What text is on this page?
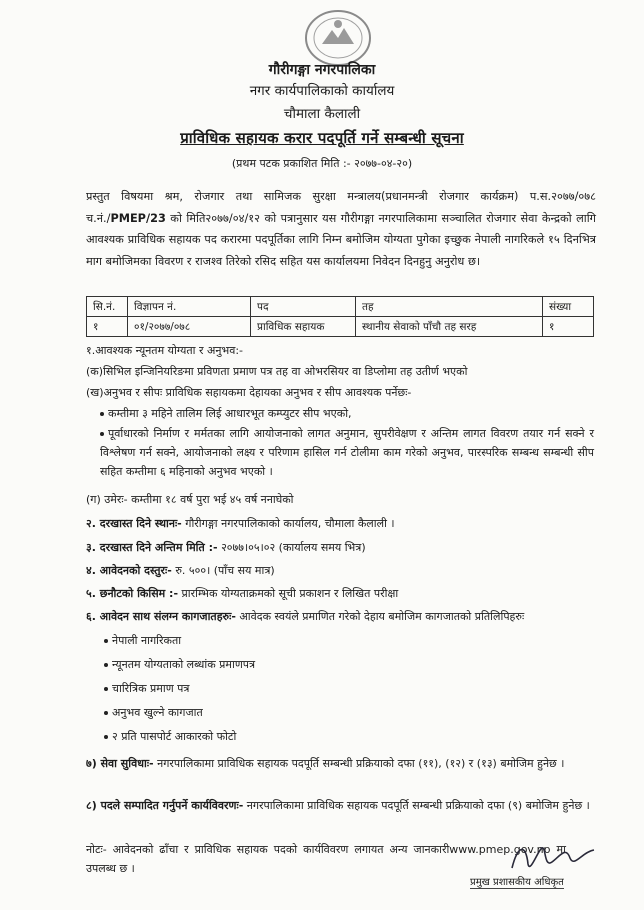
गौरीगङ्गा नगरपालिका
नगर कार्यपालिकाको कार्यालय
चौमाला कैलाली
प्राविधिक सहायक करार पदपूर्ति गर्ने सम्बन्धी सूचना
(प्रथम पटक प्रकाशित मिति :- २०७७-०४-२०)
प्रस्तुत विषयमा श्रम, रोजगार तथा सामिजक सुरक्षा मन्त्रालय(प्रधानमन्त्री रोजगार कार्यक्रम) प.स.२०७७/०७८ च.नं./PMEP/23 को मिति२०७७/०४/१२ को पत्रानुसार यस गौरीगङ्गा नगरपालिकामा सञ्चालित रोजगार सेवा केन्द्रको लागि आवश्यक प्राविधिक सहायक पद करारमा पदपूर्तिका लागि निम्न बमोजिम योग्यता पुगेका इच्छुक नेपाली नागरिकले १५ दिनभित्र माग बमोजिमका विवरण र राजश्व तिरेको रसिद सहित यस कार्यालयमा निवेदन दिनहुनु अनुरोध छ।
सि.नं.	विज्ञापन नं.	पद	तह	संख्या
१	०१/२०७७/०७८	प्राविधिक सहायक	स्थानीय सेवाको पाँचौ तह सरह	१
१.आवश्यक न्यूनतम योग्यता र अनुभव:-
(क)सिभिल इन्जिनियरिङमा प्रविणता प्रमाण पत्र तह वा ओभरसियर वा डिप्लोमा तह उतीर्ण भएको
(ख)अनुभव र सीपः प्राविधिक सहायकमा देहायका अनुभव र सीप आवश्यक पर्नेछः-
कम्तीमा ३ महिने तालिम लिई आधारभूत कम्प्युटर सीप भएको,
पूर्वाधारको निर्माण र मर्मतका लागि आयोजनाको लागत अनुमान, सुपरीवेक्षण र अन्तिम लागत विवरण तयार गर्न सक्ने र विश्लेषण गर्न सक्ने, आयोजनाको लक्ष्य र परिणाम हासिल गर्न टोलीमा काम गरेको अनुभव, पारस्परिक सम्बन्ध सम्बन्धी सीप सहित कम्तीमा ६ महिनाको अनुभव भएको ।
(ग) उमेरः- कम्तीमा १८ वर्ष पुरा भई ४५ वर्ष ननाघेको
२. दरखास्त दिने स्थानः- गौरीगङ्गा नगरपालिकाको कार्यालय, चौमाला कैलाली ।
३. दरखास्त दिने अन्तिम मिति :- २०७७।०५।०२ (कार्यालय समय भित्र)
४. आवेदनको दस्तुरः- रु. ५००। (पाँच सय मात्र)
५. छनौटको किसिम :- प्रारम्भिक योग्यताक्रमको सूची प्रकाशन र लिखित परीक्षा
६. आवेदन साथ संलग्न कागजातहरुः- आवेदक स्वयंले प्रमाणित गरेको देहाय बमोजिम कागजातको प्रतिलिपिहरुः
नेपाली नागरिकता
न्यूनतम योग्यताको लब्धांक प्रमाणपत्र
चारित्रिक प्रमाण पत्र
अनुभव खुल्ने कागजात
२ प्रति पासपोर्ट आकारको फोटो
७) सेवा सुविधाः- नगरपालिकामा प्राविधिक सहायक पदपूर्ति सम्बन्धी प्रक्रियाको दफा (११), (१२) र (१३) बमोजिम हुनेछ ।
८) पदले सम्पादित गर्नुपर्ने कार्यविवरणः- नगरपालिकामा प्राविधिक सहायक पदपूर्ति सम्बन्धी प्रक्रियाको दफा (९) बमोजिम हुनेछ ।
नोटः- आवेदनको ढाँचा र प्राविधिक सहायक पदको कार्यविवरण लगायत अन्य जानकारीwww.pmep.gov.np मा उपलब्ध छ ।
प्रमुख प्रशासकीय अधिकृत
